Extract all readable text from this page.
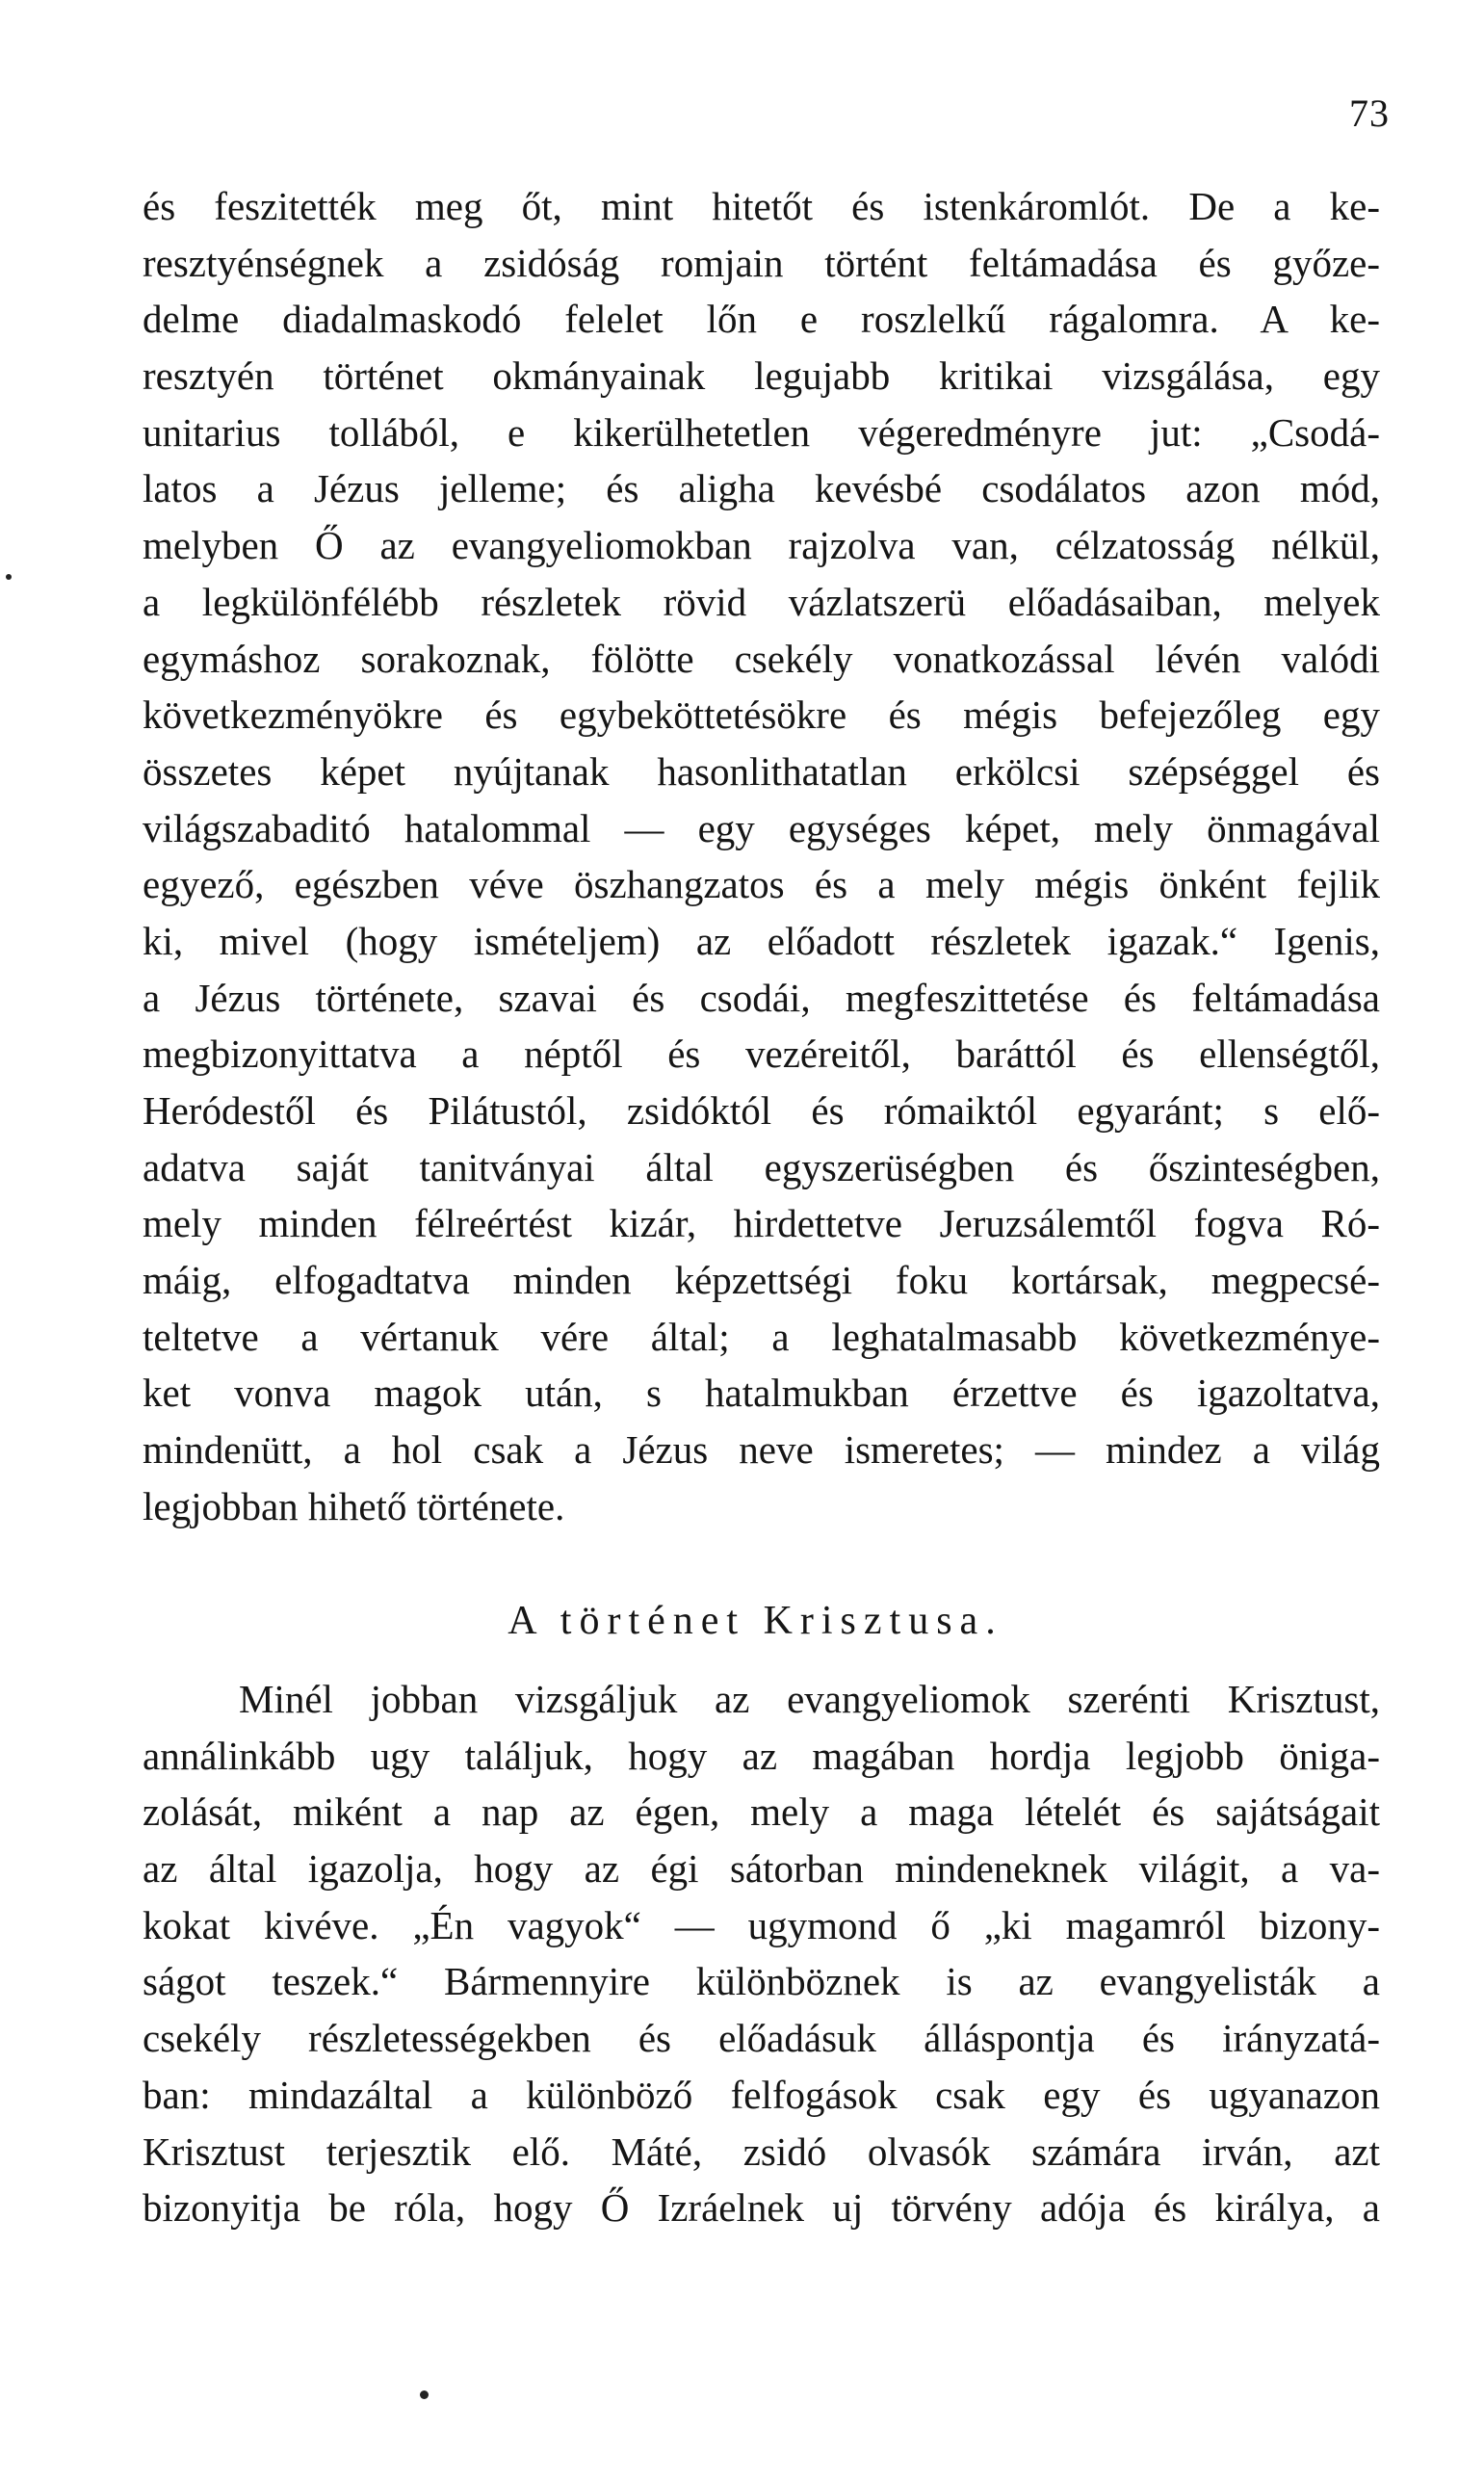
73
és feszitették meg őt, mint hitetőt és istenkáromlót. De a ke-
resztyénségnek a zsidóság romjain történt feltámadása és győze-
delme diadalmaskodó felelet lőn e roszlelkű rágalomra. A ke-
resztyén történet okmányainak legujabb kritikai vizsgálása, egy
unitarius tollából, e kikerülhetetlen végeredményre jut: „Csodá-
latos a Jézus jelleme; és aligha kevésbé csodálatos azon mód,
melyben Ő az evangyeliomokban rajzolva van, célzatosság nélkül,
a legkülönfélébb részletek rövid vázlatszerü előadásaiban, melyek
egymáshoz sorakoznak, fölötte csekély vonatkozással lévén valódi
következményökre és egybeköttetésökre és mégis befejezőleg egy
összetes képet nyújtanak hasonlithatatlan erkölcsi szépséggel és
világszabaditó hatalommal — egy egységes képet, mely önmagával
egyező, egészben véve öszhangzatos és a mely mégis önként fejlik
ki, mivel (hogy ismételjem) az előadott részletek igazak.“ Igenis,
a Jézus története, szavai és csodái, megfeszittetése és feltámadása
megbizonyittatva a néptől és vezéreitől, baráttól és ellenségtől,
Heródestől és Pilátustól, zsidóktól és rómaiktól egyaránt; s elő-
adatva saját tanitványai által egyszerüségben és őszinteségben,
mely minden félreértést kizár, hirdettetve Jeruzsálemtől fogva Ró-
máig, elfogadtatva minden képzettségi foku kortársak, megpecsé-
teltetve a vértanuk vére által; a leghatalmasabb következménye-
ket vonva magok után, s hatalmukban érzettve és igazoltatva,
mindenütt, a hol csak a Jézus neve ismeretes; — mindez a világ
legjobban hihető története.
A történet Krisztusa.
Minél jobban vizsgáljuk az evangyeliomok szerénti Krisztust,
annálinkább ugy találjuk, hogy az magában hordja legjobb öniga-
zolását, miként a nap az égen, mely a maga lételét és sajátságait
az által igazolja, hogy az égi sátorban mindeneknek világit, a va-
kokat kivéve. „Én vagyok“ — ugymond ő „ki magamról bizony-
ságot teszek.“ Bármennyire különböznek is az evangyelisták a
csekély részletességekben és előadásuk álláspontja és irányzatá-
ban: mindazáltal a különböző felfogások csak egy és ugyanazon
Krisztust terjesztik elő. Máté, zsidó olvasók számára irván, azt
bizonyitja be róla, hogy Ő Izráelnek uj törvény adója és királya, a
